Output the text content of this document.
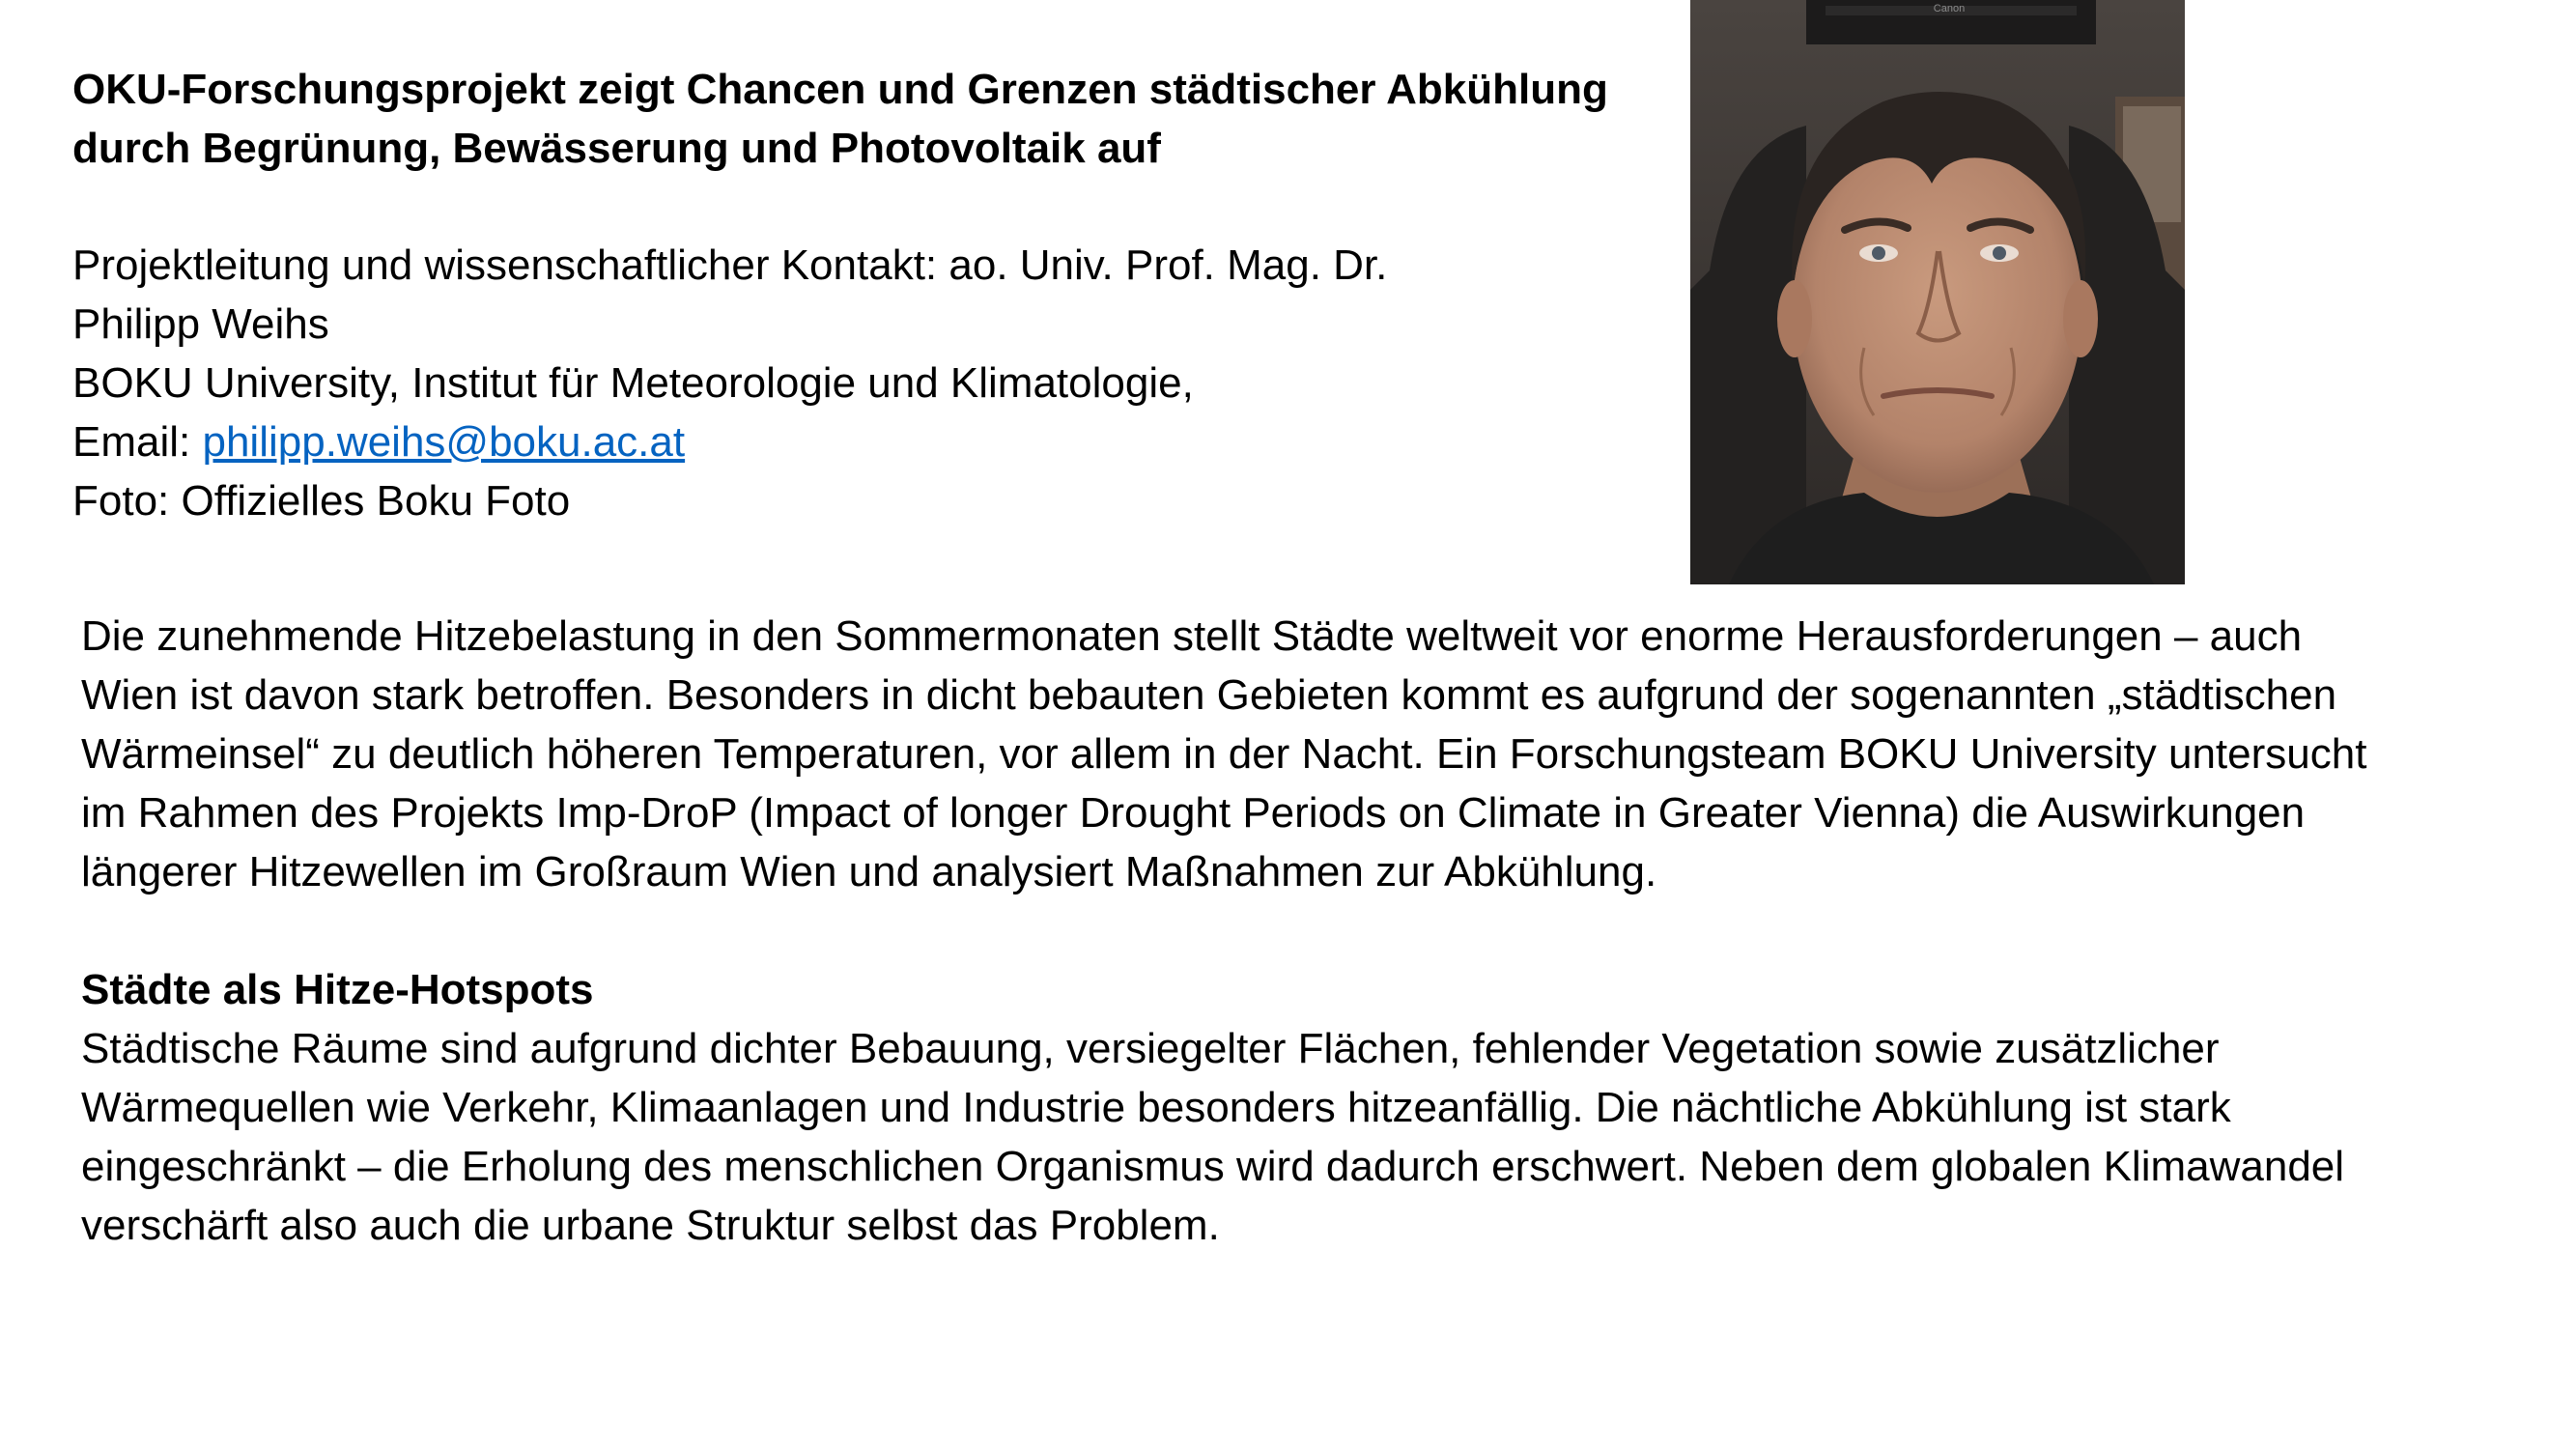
OKU-Forschungsprojekt zeigt Chancen und Grenzen städtischer Abkühlung
durch Begrünung, Bewässerung und Photovoltaik auf
Projektleitung und wissenschaftlicher Kontakt: ao. Univ. Prof. Mag. Dr.
Philipp Weihs
BOKU University, Institut für Meteorologie und Klimatologie,
Email: philipp.weihs@boku.ac.at
Foto: Offizielles Boku Foto
Canon
Die zunehmende Hitzebelastung in den Sommermonaten stellt Städte weltweit vor enorme Herausforderungen – auch
Wien ist davon stark betroffen. Besonders in dicht bebauten Gebieten kommt es aufgrund der sogenannten „städtischen
Wärmeinsel“ zu deutlich höheren Temperaturen, vor allem in der Nacht. Ein Forschungsteam BOKU University untersucht
im Rahmen des Projekts Imp-DroP (Impact of longer Drought Periods on Climate in Greater Vienna) die Auswirkungen
längerer Hitzewellen im Großraum Wien und analysiert Maßnahmen zur Abkühlung.
Städte als Hitze-Hotspots
Städtische Räume sind aufgrund dichter Bebauung, versiegelter Flächen, fehlender Vegetation sowie zusätzlicher
Wärmequellen wie Verkehr, Klimaanlagen und Industrie besonders hitzeanfällig. Die nächtliche Abkühlung ist stark
eingeschränkt – die Erholung des menschlichen Organismus wird dadurch erschwert. Neben dem globalen Klimawandel
verschärft also auch die urbane Struktur selbst das Problem.
